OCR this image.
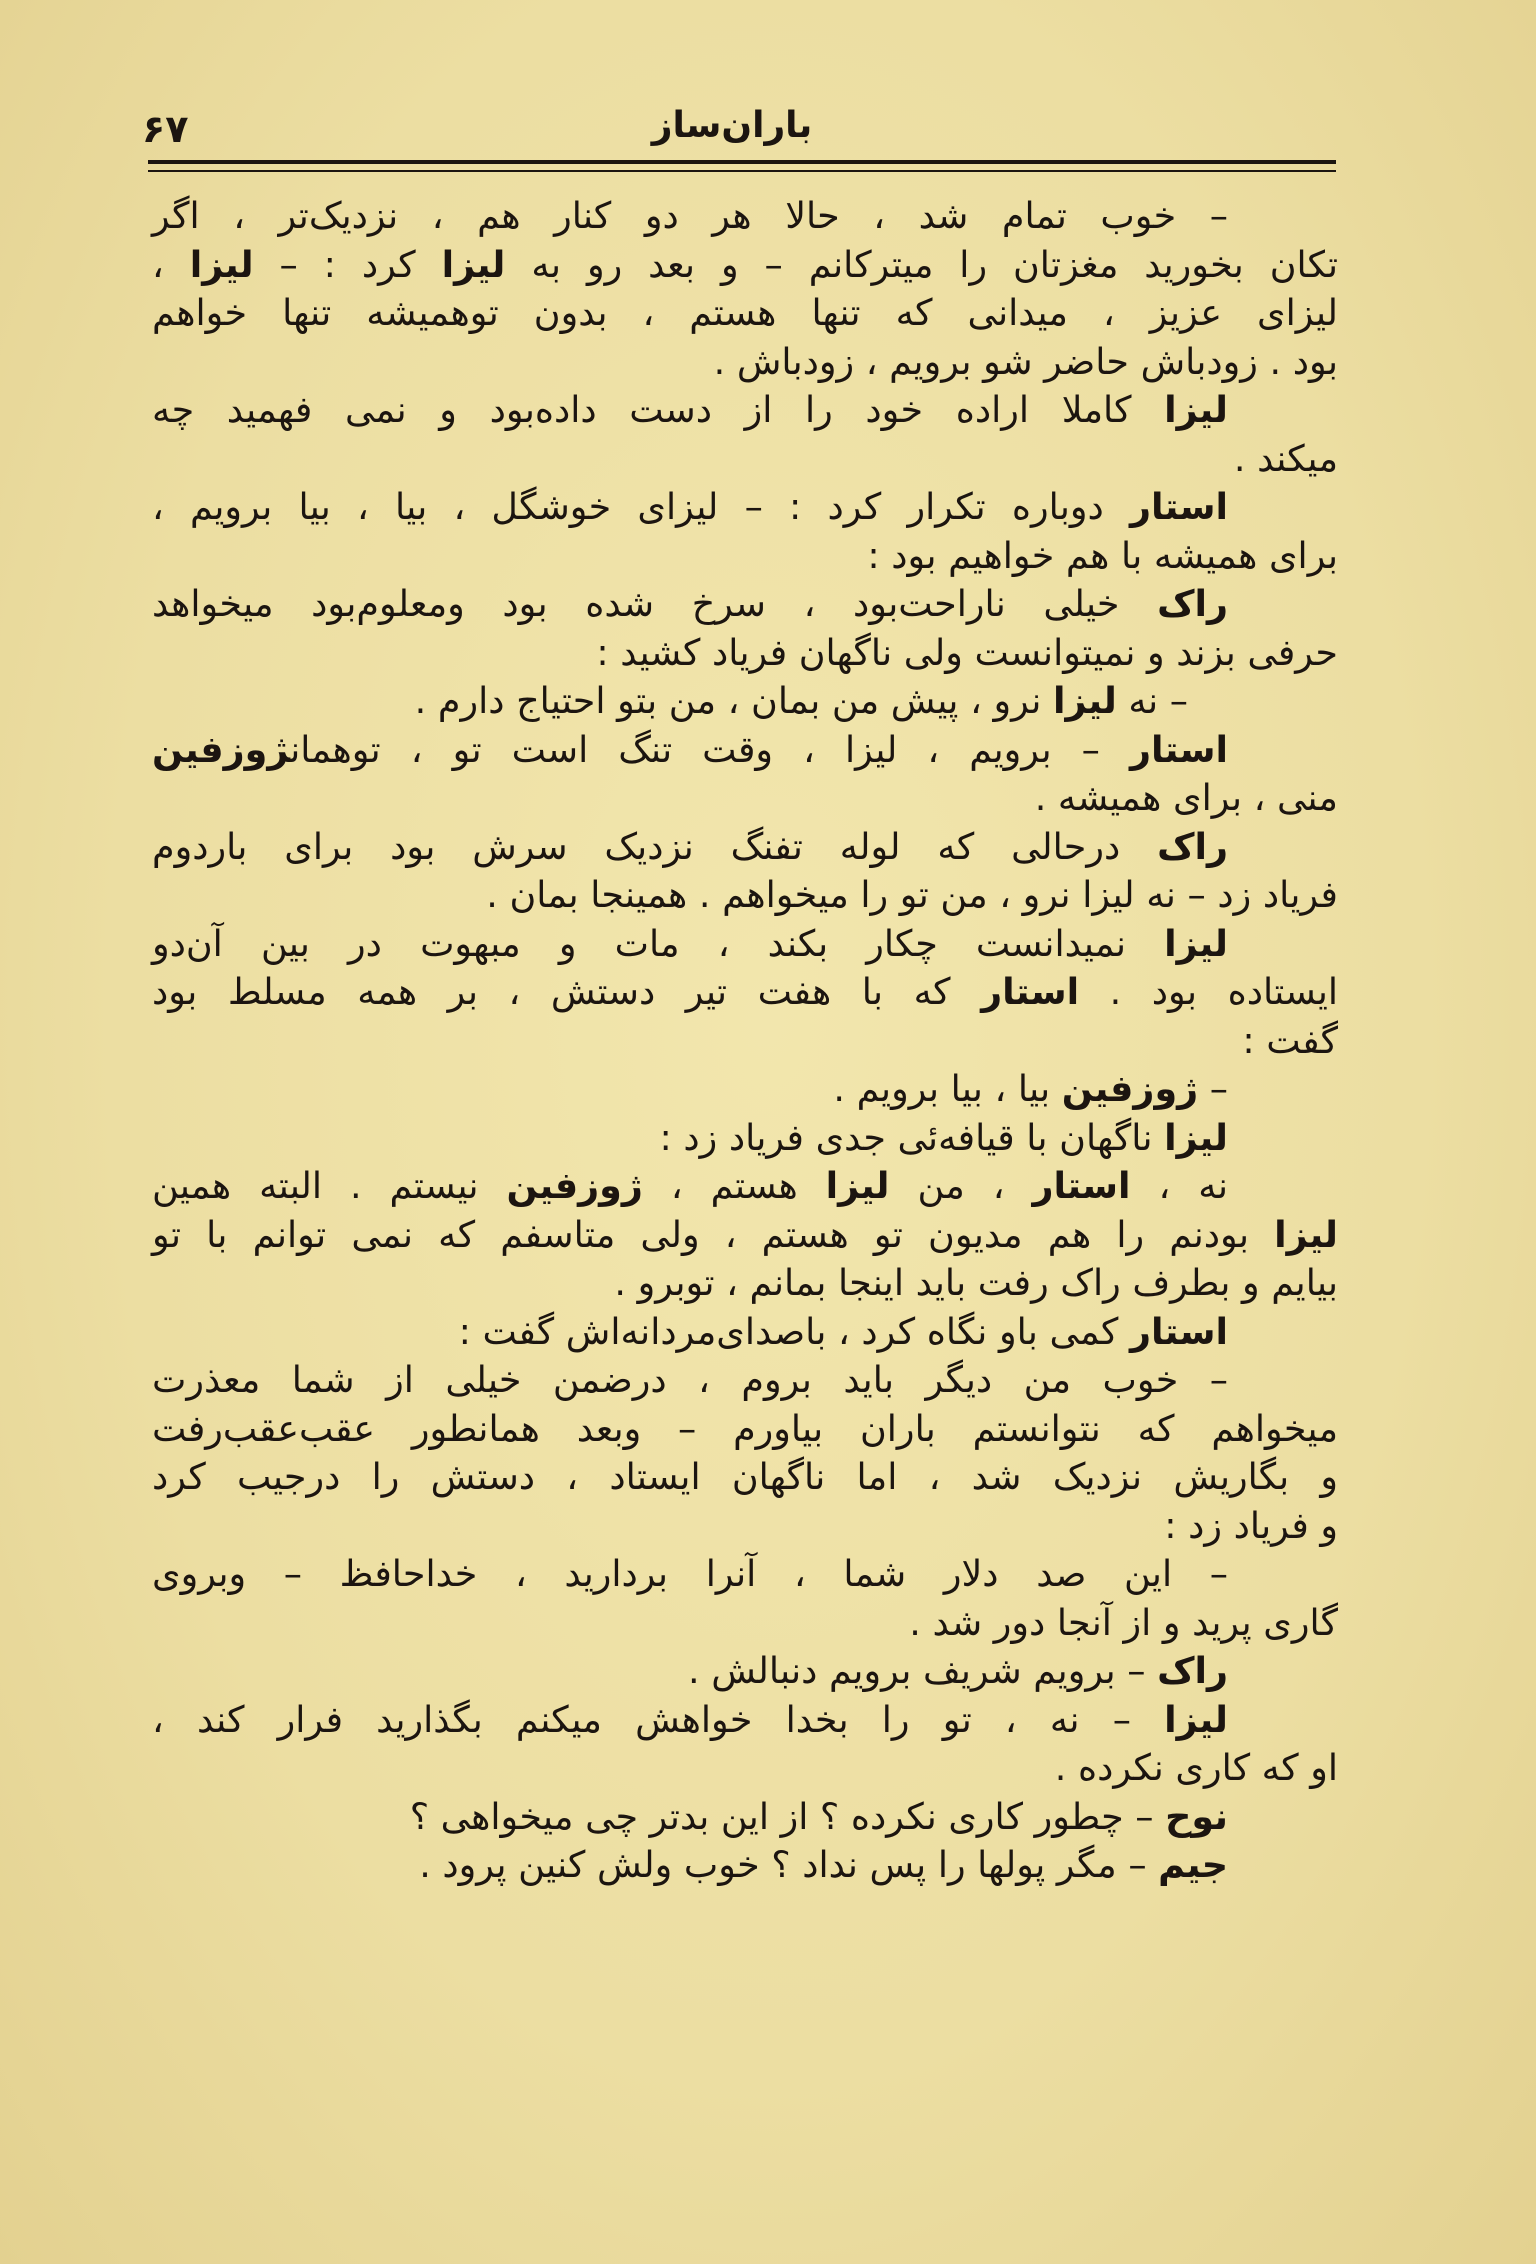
۶۷	باران‌ساز
– خوب تمام شد ، حالا هر دو کنار هم ، نزدیک‌تر ، اگر
تکان بخورید مغزتان را میترکانم – و بعد رو به لیزا کرد : – لیزا ،
لیزای عزیز ، میدانی که تنها هستم ، بدون توهمیشه تنها خواهم
بود . زودباش حاضر شو برویم ، زودباش .
لیزا کاملا اراده خود را از دست داده‌بود و نمی فهمید چه
میکند .
استار دوباره تکرار کرد : – لیزای خوشگل ، بیا ، بیا برویم ،
برای همیشه با هم خواهیم بود :
راک خیلی ناراحت‌بود ، سرخ شده بود ومعلوم‌بود میخواهد
حرفی بزند و نمیتوانست ولی ناگهان فریاد کشید :
– نه لیزا نرو ، پیش من بمان ، من بتو احتیاج دارم .
استار – برویم ، لیزا ، وقت تنگ است تو ، توهمانژوزفین
منی ، برای همیشه .
راک درحالی که لوله تفنگ نزدیک سرش بود برای باردوم
فریاد زد – نه لیزا نرو ، من تو را میخواهم . همینجا بمان .
لیزا نمیدانست چکار بکند ، مات و مبهوت در بین آن‌دو
ایستاده بود . استار که با هفت تیر دستش ، بر همه مسلط بود
گفت :
– ژوزفین بیا ، بیا برویم .
لیزا ناگهان با قیافه‌ئی جدی فریاد زد :
نه ، استار ، من لیزا هستم ، ژوزفین نیستم . البته همین
لیزا بودنم را هم مدیون تو هستم ، ولی متاسفم که نمی توانم با تو
بیایم و بطرف راک رفت باید اینجا بمانم ، توبرو .
استار کمی باو نگاه کرد ، باصدای‌مردانه‌اش گفت :
– خوب من دیگر باید بروم ، درضمن خیلی از شما معذرت
میخواهم که نتوانستم باران بیاورم – وبعد همانطور عقب‌عقب‌رفت
و بگاریش نزدیک شد ، اما ناگهان ایستاد ، دستش را درجیب کرد
و فریاد زد :
– این صد دلار شما ، آنرا بردارید ، خداحافظ – وبروی
گاری پرید و از آنجا دور شد .
راک – برویم شریف برویم دنبالش .
لیزا – نه ، تو را بخدا خواهش میکنم بگذارید فرار کند ،
او که کاری نکرده .
نوح – چطور کاری نکرده ؟ از این بدتر چی میخواهی ؟
جیم – مگر پولها را پس نداد ؟ خوب ولش کنین پرود .
